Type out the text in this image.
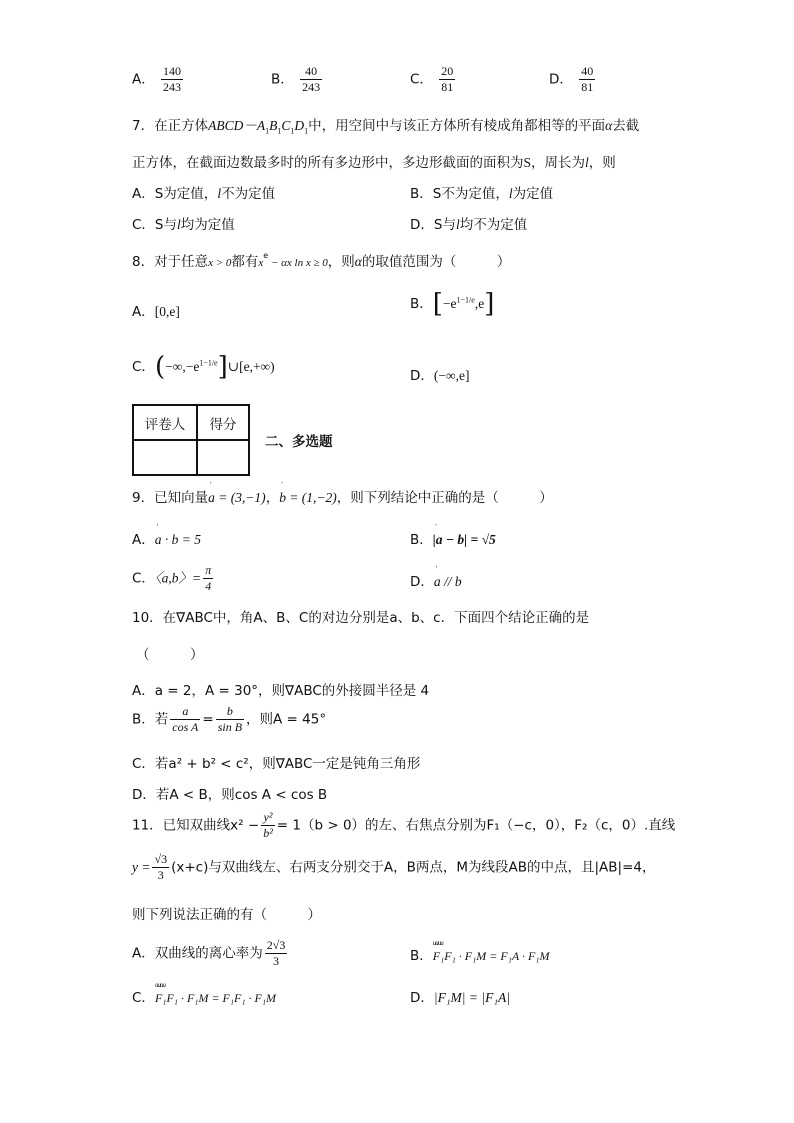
A． $\frac{140}{243}$	B． $\frac{40}{243}$	C． $\frac{20}{81}$	D． $\frac{40}{81}$
7．在正方体$ABCD-A_1B_1C_1D_1$中，用空间中与该正方体所有棱成角都相等的平面α去截
正方体，在截面边数最多时的所有多边形中，多边形截面的面积为S，周长为l，则
A．S为定值，l不为定值	B．S不为定值，l为定值
C．S与l均为定值	D．S与l均不为定值
8．对于任意x > 0都有$x^e - \alpha x$ ln x ≥ 0，则α的取值范围为（　　　）
A．[0,e]	B．$[-e^{1-1/e},e]$
C．$(-\infty,-e^{1-1/e}]\cup[e,+\infty)$
D．(−∞,e]
评卷人	得分

二、多选题
9．已知向量ˈ a = (3,−1)，ˈ b = (1,−2)，则下列结论中正确的是（　　　）
A．ˈ a · b = 5	B．ˈ |a − b| = √5
C．〈a,b〉= $\frac{\pi}{4}$	D．ˈ a // b
10．在∇ABC中，角A、B、C的对边分别是a、b、c．下面四个结论正确的是
（　　　）
A．a = 2，A = 30°，则∇ABC的外接圆半径是 4
B．若 $\frac{a}{\text{cos A}} = \frac{b}{\text{sin B}}$ ，则A = 45°
C．若a² + b² < c²，则∇ABC一定是钝角三角形
D．若A < B，则cos A < cos B
11．已知双曲线$x^2 - \frac{\text{y²}}{\text{b²}} = 1(b > 0)$的左、右焦点分别为F₁（−c，0），F₂（c，0）.直线
$y = \frac{√3}{3} (x+c)$与双曲线左、右两支分别交于A，B两点，M为线段AB的中点，且|AB|=4，
则下列说法正确的有（　　　）
A．双曲线的离心率为 $\frac{2√3}{3}$	B．uuuu F₁F₁ · F₁M = F₁A · F₁M
C．uuuu F₁F₁ · F₁M = F₁F₁ · F₁M	D．|F₁M| = |F₁A|
